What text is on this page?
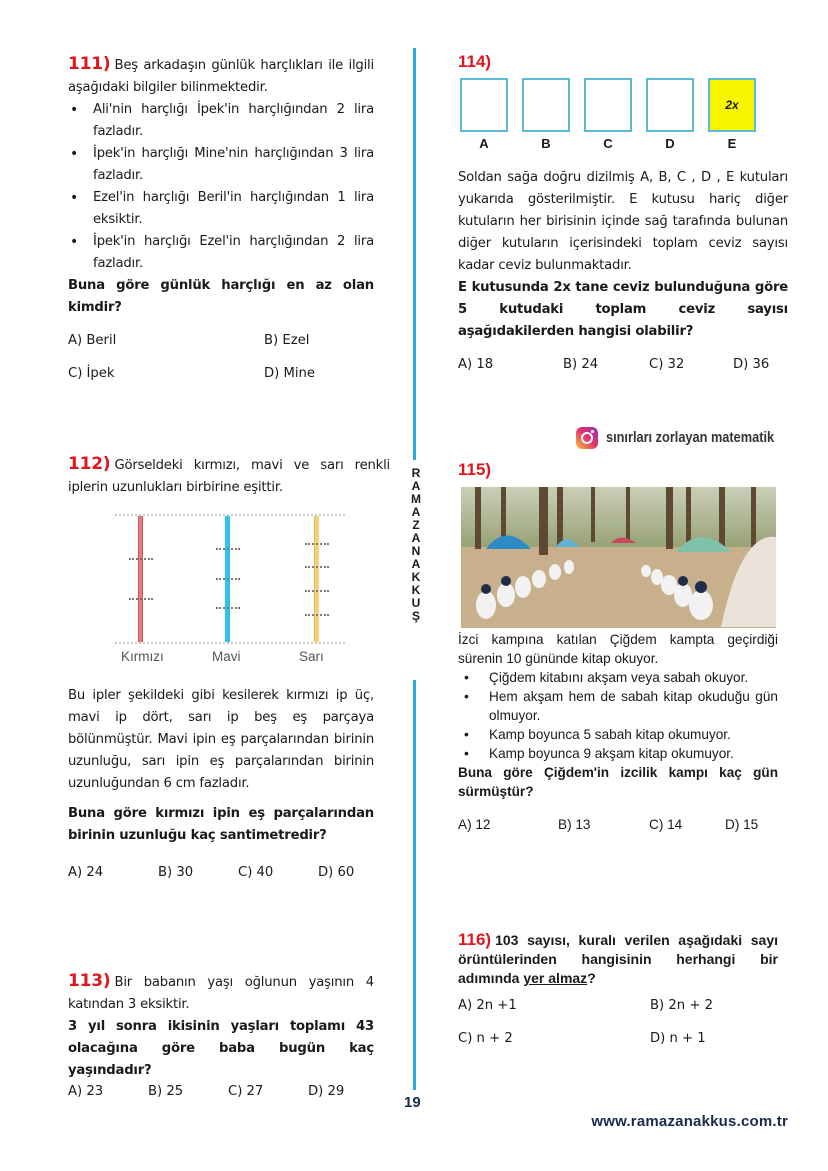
R
A
M
A
Z
A
N
A
K
K
U
Ş
111) Beş arkadaşın günlük harçlıkları ile ilgili aşağıdaki bilgiler bilinmektedir.
• Ali'nin harçlığı İpek'in harçlığından 2 lira fazladır.
• İpek'in harçlığı Mine'nin harçlığından 3 lira fazladır.
• Ezel'in harçlığı Beril'in harçlığından 1 lira eksiktir.
• İpek'in harçlığı Ezel'in harçlığından 2 lira fazladır.
Buna göre günlük harçlığı en az olan kimdir?
A) Beril	B) Ezel
C) İpek	D) Mine
112) Görseldeki kırmızı, mavi ve sarı renkli iplerin uzunlukları birbirine eşittir.
Kırmızı	Mavi	Sarı
Bu ipler şekildeki gibi kesilerek kırmızı ip üç, mavi ip dört, sarı ip beş eş parçaya bölünmüştür. Mavi ipin eş parçalarından birinin uzunluğu, sarı ipin eş parçalarından birinin uzunluğundan 6 cm fazladır.
Buna göre kırmızı ipin eş parçalarından birinin uzunluğu kaç santimetredir?
A) 24	B) 30	C) 40	D) 60
113) Bir babanın yaşı oğlunun yaşının 4 katından 3 eksiktir.
3 yıl sonra ikisinin yaşları toplamı 43 olacağına göre baba bugün kaç yaşındadır?
A) 23	B) 25	C) 27	D) 29
114)
A	B	C	D
2x
E
Soldan sağa doğru dizilmiş A, B, C , D , E kutuları yukarıda gösterilmiştir. E kutusu hariç diğer kutuların her birisinin içinde sağ tarafında bulunan diğer kutuların içerisindeki toplam ceviz sayısı kadar ceviz bulunmaktadır.
E kutusunda 2x tane ceviz bulunduğuna göre 5 kutudaki toplam ceviz sayısı aşağıdakilerden hangisi olabilir?
A) 18	B) 24	C) 32	D) 36
sınırları zorlayan matematik
115)
İzci kampına katılan Çiğdem kampta geçirdiği sürenin 10 gününde kitap okuyor.
• Çiğdem kitabını akşam veya sabah okuyor.
• Hem akşam hem de sabah kitap okuduğu gün olmuyor.
• Kamp boyunca 5 sabah kitap okumuyor.
• Kamp boyunca 9 akşam kitap okumuyor.
Buna göre Çiğdem'in izcilik kampı kaç gün sürmüştür?
A) 12	B) 13	C) 14	D) 15
116) 103 sayısı, kuralı verilen aşağıdaki sayı örüntülerinden hangisinin herhangi bir adımında yer almaz?
A) 2n +1	B) 2n + 2
C) n + 2	D) n + 1
19
www.ramazanakkus.com.tr
